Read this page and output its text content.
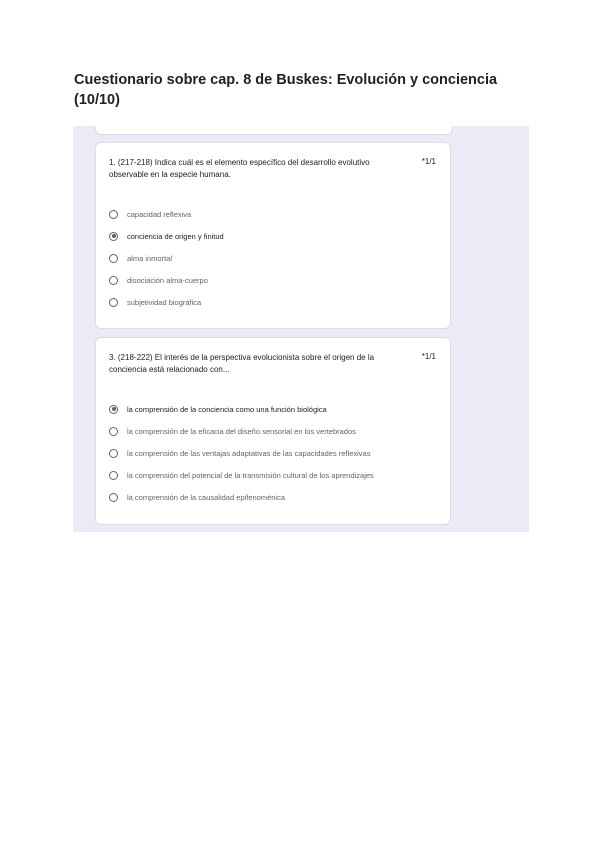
Cuestionario sobre cap. 8 de Buskes: Evolución y conciencia (10/10)
1. (217-218) Indica cuál es el elemento específico del desarrollo evolutivo observable en la especie humana.
*1/1
capacidad reflexiva
conciencia de origen y finitud
alma inmortal
disociación alma-cuerpo
subjetividad biográfica
3. (218-222) El interés de la perspectiva evolucionista sobre el origen de la conciencia está relacionado con...
*1/1
la comprensión de la conciencia como una función biológica
la comprensión de la eficacia del diseño sensorial en los vertebrados
la comprensión de las ventajas adaptativas de las capacidades reflexivas
la comprensión del potencial de la transmisión cultural de los aprendizajes
la comprensión de la causalidad epifenoménica
